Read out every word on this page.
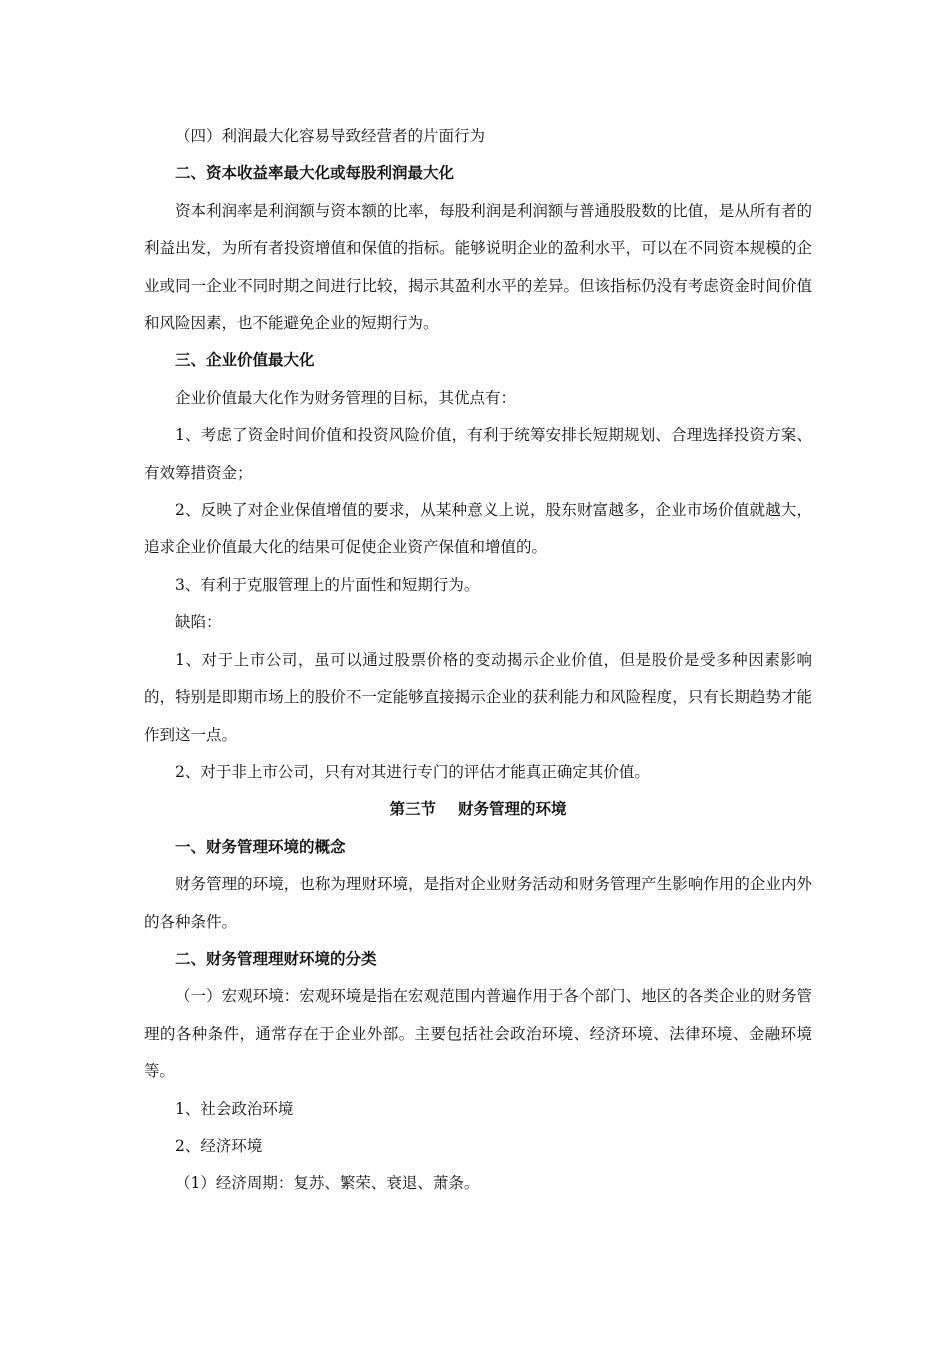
（四）利润最大化容易导致经营者的片面行为

二、资本收益率最大化或每股利润最大化

资本利润率是利润额与资本额的比率，每股利润是利润额与普通股股数的比值，是从所有者的利益出发，为所有者投资增值和保值的指标。能够说明企业的盈利水平，可以在不同资本规模的企业或同一企业不同时期之间进行比较，揭示其盈利水平的差异。但该指标仍没有考虑资金时间价值和风险因素，也不能避免企业的短期行为。

三、企业价值最大化

企业价值最大化作为财务管理的目标，其优点有：

1、考虑了资金时间价值和投资风险价值，有利于统筹安排长短期规划、合理选择投资方案、有效筹措资金；

2、反映了对企业保值增值的要求，从某种意义上说，股东财富越多，企业市场价值就越大，追求企业价值最大化的结果可促使企业资产保值和增值的。

3、有利于克服管理上的片面性和短期行为。

缺陷：

1、对于上市公司，虽可以通过股票价格的变动揭示企业价值，但是股价是受多种因素影响的，特别是即期市场上的股价不一定能够直接揭示企业的获利能力和风险程度，只有长期趋势才能作到这一点。

2、对于非上市公司，只有对其进行专门的评估才能真正确定其价值。

第三节 财务管理的环境

一、财务管理环境的概念

财务管理的环境，也称为理财环境，是指对企业财务活动和财务管理产生影响作用的企业内外的各种条件。

二、财务管理理财环境的分类

（一）宏观环境：宏观环境是指在宏观范围内普遍作用于各个部门、地区的各类企业的财务管理的各种条件，通常存在于企业外部。主要包括社会政治环境、经济环境、法律环境、金融环境等。

1、社会政治环境

2、经济环境

（1）经济周期：复苏、繁荣、衰退、萧条。
